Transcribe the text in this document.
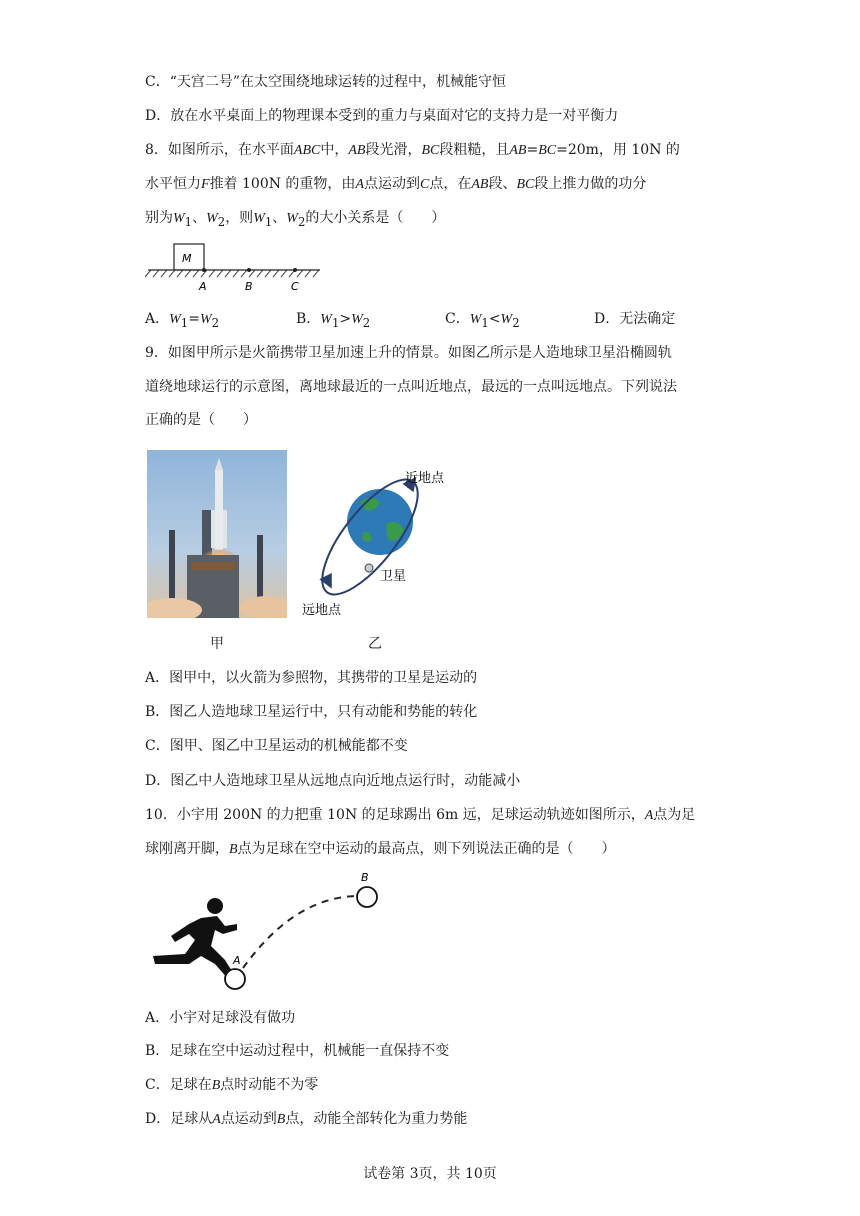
C．“天宫二号”在太空围绕地球运转的过程中，机械能守恒
D．放在水平桌面上的物理课本受到的重力与桌面对它的支持力是一对平衡力
8．如图所示，在水平面ABC中，AB段光滑，BC段粗糙，且AB=BC=20m，用 10N 的
水平恒力F推着 100N 的重物，由A点运动到C点，在AB段、BC段上推力做的功分
别为$W_1$、$W_2$，则$W_1$、$W_2$的大小关系是（　　）
M
A	B	C
A．$W_1=W_2$	B．$W_1>W_2$	C．$W_1<W_2$	D．无法确定
9．如图甲所示是火箭携带卫星加速上升的情景。如图乙所示是人造地球卫星沿椭圆轨
道绕地球运行的示意图，离地球最近的一点叫近地点，最远的一点叫远地点。下列说法
正确的是（　　）
甲
近地点
卫星
远地点
乙
A．图甲中，以火箭为参照物，其携带的卫星是运动的
B．图乙人造地球卫星运行中，只有动能和势能的转化
C．图甲、图乙中卫星运动的机械能都不变
D．图乙中人造地球卫星从远地点向近地点运行时，动能减小
10．小宇用 200N 的力把重 10N 的足球踢出 6m 远，足球运动轨迹如图所示，A点为足
球刚离开脚，B点为足球在空中运动的最高点，则下列说法正确的是（　　）
A
B
A．小宇对足球没有做功
B．足球在空中运动过程中，机械能一直保持不变
C．足球在B点时动能不为零
D．足球从A点运动到B点，动能全部转化为重力势能
试卷第 3页，共 10页
